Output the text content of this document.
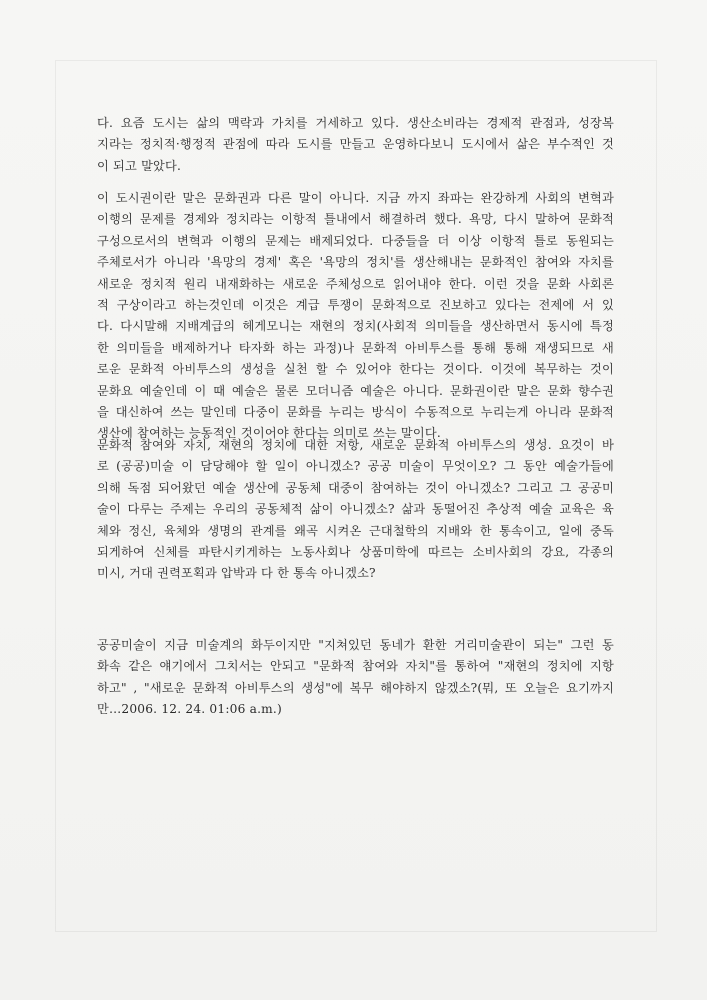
다. 요즘 도시는 삶의 맥락과 가치를 거세하고 있다. 생산소비라는 경제적 관점과, 성장복
지라는 정치적·행정적 관점에 따라 도시를 만들고 운영하다보니 도시에서 삶은 부수적인 것
이 되고 말았다.
이 도시권이란 말은 문화권과 다른 말이 아니다. 지금 까지 좌파는 완강하게 사회의 변혁과
이행의 문제를 경제와 정치라는 이항적 틀내에서 해결하려 했다. 욕망, 다시 말하여 문화적
구성으로서의 변혁과 이행의 문제는 배제되었다. 다중들을 더 이상 이항적 틀로 동원되는
주체로서가 아니라 '욕망의 경제' 혹은 '욕망의 정치'를 생산해내는 문화적인 참여와 자치를
새로운 정치적 원리 내재화하는 새로운 주체성으로 읽어내야 한다. 이런 것을 문화 사회론
적 구상이라고 하는것인데 이것은 계급 투쟁이 문화적으로 진보하고 있다는 전제에 서 있
다. 다시말해 지배계급의 헤게모니는 재현의 정치(사회적 의미들을 생산하면서 동시에 특정
한 의미들을 배제하거나 타자화 하는 과정)나 문화적 아비투스를 통해 통해 재생되므로 새
로운 문화적 아비투스의 생성을 실천 할 수 있어야 한다는 것이다. 이것에 복무하는 것이
문화요 예술인데 이 때 예술은 물론 모더니즘 예술은 아니다. 문화권이란 말은 문화 향수권
을 대신하여 쓰는 말인데 다중이 문화를 누리는 방식이 수동적으로 누리는게 아니라 문화적
생산에 참여하는 능동적인 것이어야 한다는 의미로 쓰는 말이다.
문화적 참여와 자치, 재현의 정치에 대한 저항, 새로운 문화적 아비투스의 생성. 요것이 바
로 (공공)미술 이 담당해야 할 일이 아니겠소? 공공 미술이 무엇이오? 그 동안 예술가들에
의해 독점 되어왔던 예술 생산에 공동체 대중이 참여하는 것이 아니겠소? 그리고 그 공공미
술이 다루는 주제는 우리의 공동체적 삶이 아니겠소? 삶과 동떨어진 추상적 예술 교육은 육
체와 정신, 육체와 생명의 관계를 왜곡 시켜온 근대철학의 지배와 한 통속이고, 일에 중독
되게하여 신체를 파탄시키게하는 노동사회나 상품미학에 따르는 소비사회의 강요, 각종의
미시, 거대 권력포획과 압박과 다 한 통속 아니겠소?
공공미술이 지금 미술계의 화두이지만 "지쳐있던 동네가 환한 거리미술관이 되는" 그런 동
화속 같은 얘기에서 그치서는 안되고 "문화적 참여와 자치"를 통하여 "재현의 정치에 지항
하고" , "새로운 문화적 아비투스의 생성"에 복무 해야하지 않겠소?(뭐, 또 오늘은 요기까지
만…2006. 12. 24. 01:06 a.m.)
